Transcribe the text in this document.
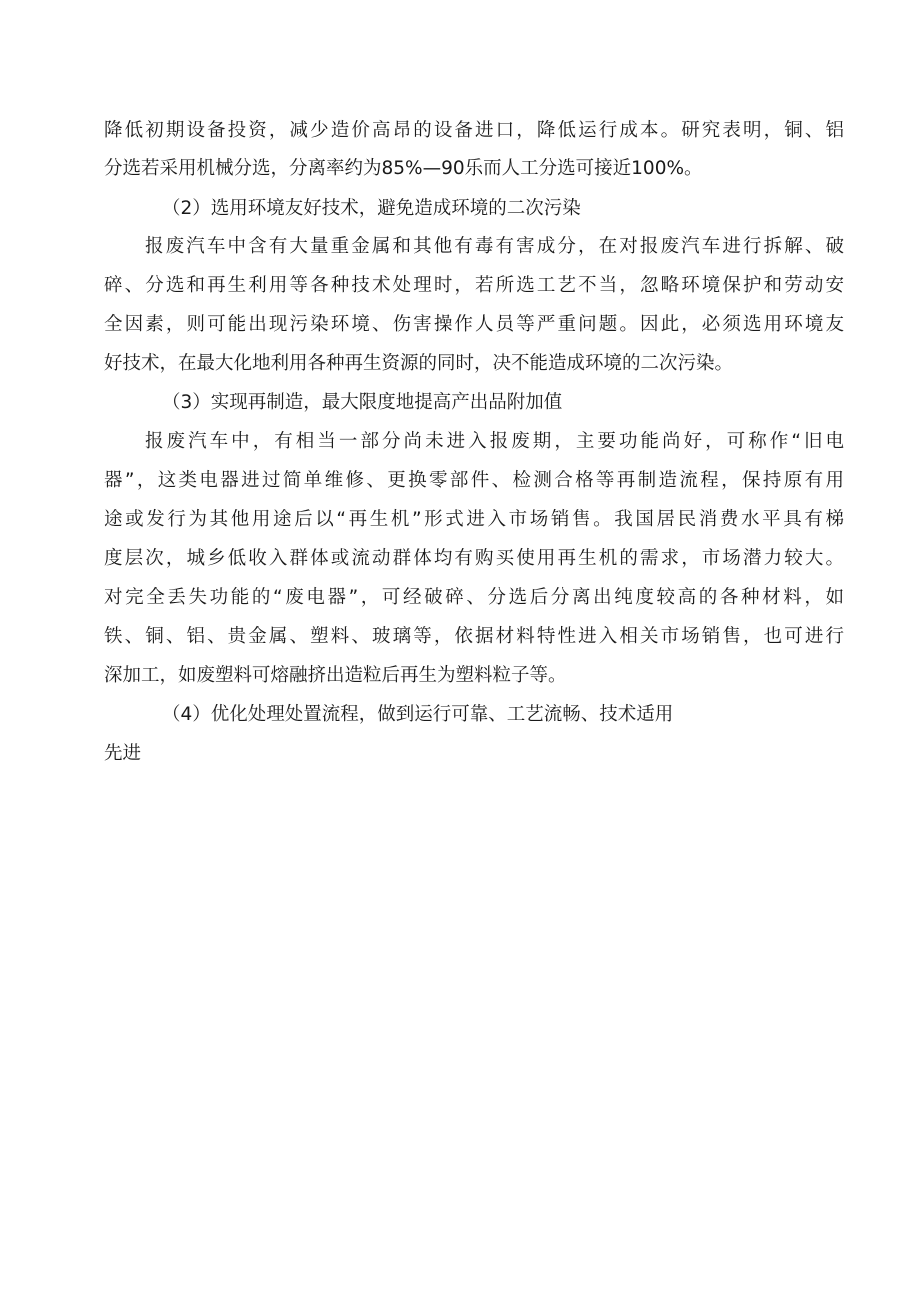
降低初期设备投资，减少造价高昂的设备进口，降低运行成本。研究表明，铜、铝
分选若采用机械分选，分离率约为85%—90乐而人工分选可接近100%。
（2）选用环境友好技术，避免造成环境的二次污染
报废汽车中含有大量重金属和其他有毒有害成分，在对报废汽车进行拆解、破
碎、分选和再生利用等各种技术处理时，若所选工艺不当，忽略环境保护和劳动安
全因素，则可能出现污染环境、伤害操作人员等严重问题。因此，必须选用环境友
好技术，在最大化地利用各种再生资源的同时，决不能造成环境的二次污染。
（3）实现再制造，最大限度地提高产出品附加值
报废汽车中，有相当一部分尚未进入报废期，主要功能尚好，可称作“旧电
器”，这类电器进过简单维修、更换零部件、检测合格等再制造流程，保持原有用
途或发行为其他用途后以“再生机”形式进入市场销售。我国居民消费水平具有梯
度层次，城乡低收入群体或流动群体均有购买使用再生机的需求，市场潜力较大。
对完全丢失功能的“废电器”，可经破碎、分选后分离出纯度较高的各种材料，如
铁、铜、铝、贵金属、塑料、玻璃等，依据材料特性进入相关市场销售，也可进行
深加工，如废塑料可熔融挤出造粒后再生为塑料粒子等。
（4）优化处理处置流程，做到运行可靠、工艺流畅、技术适用
先进
